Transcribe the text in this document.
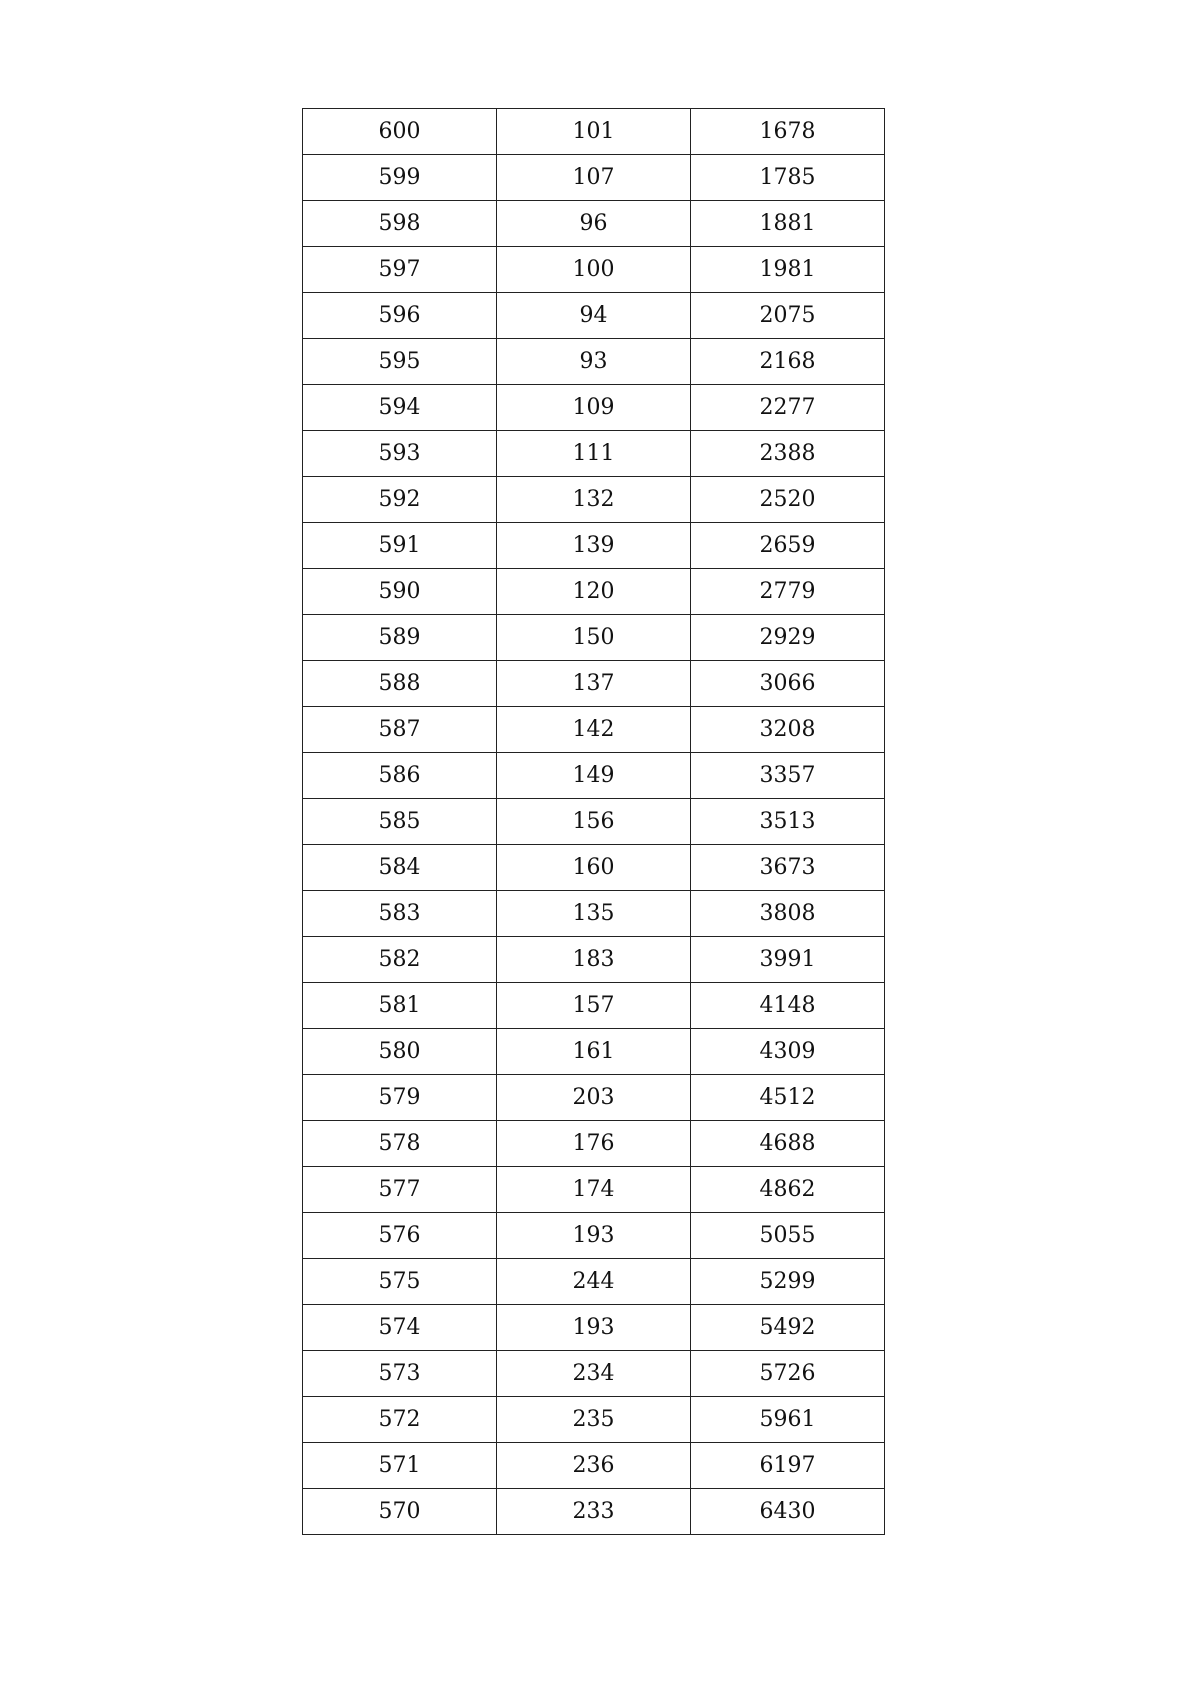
600	101	1678
599	107	1785
598	96	1881
597	100	1981
596	94	2075
595	93	2168
594	109	2277
593	111	2388
592	132	2520
591	139	2659
590	120	2779
589	150	2929
588	137	3066
587	142	3208
586	149	3357
585	156	3513
584	160	3673
583	135	3808
582	183	3991
581	157	4148
580	161	4309
579	203	4512
578	176	4688
577	174	4862
576	193	5055
575	244	5299
574	193	5492
573	234	5726
572	235	5961
571	236	6197
570	233	6430
